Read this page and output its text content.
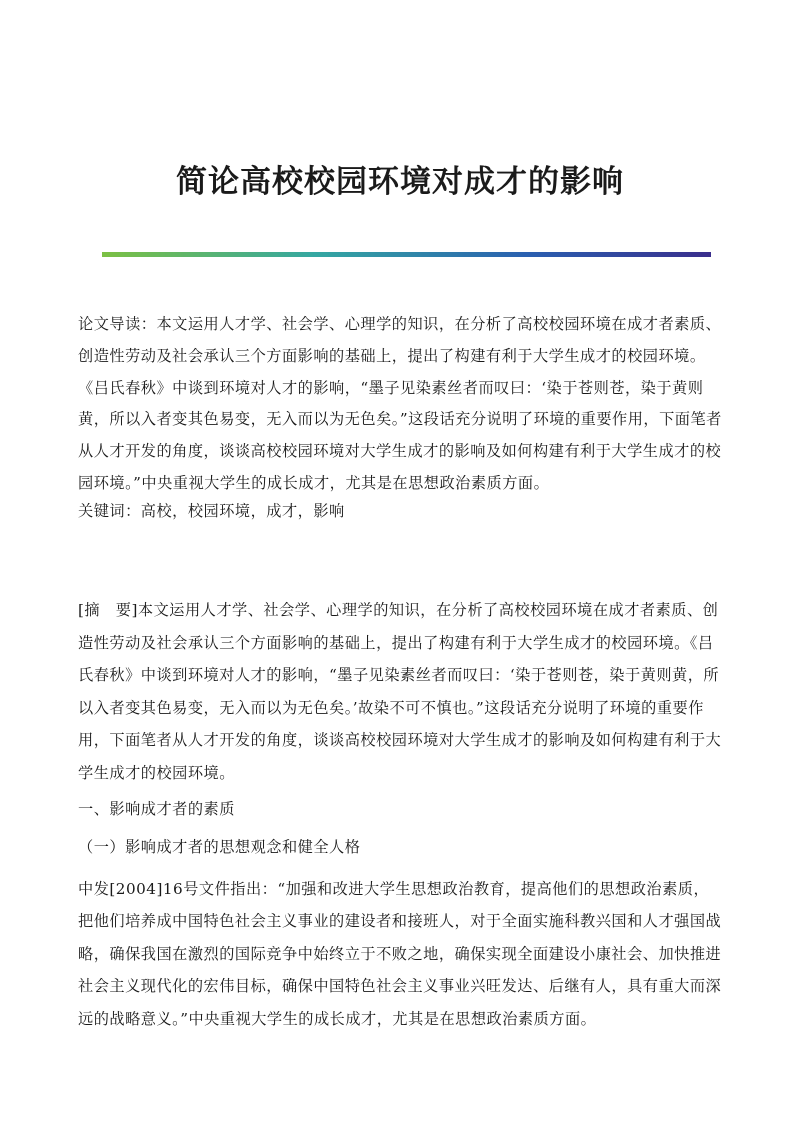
简论高校校园环境对成才的影响

论文导读：本文运用人才学、社会学、心理学的知识，在分析了高校校园环境在成才者素质、创造性劳动及社会承认三个方面影响的基础上，提出了构建有利于大学生成才的校园环境。《吕氏春秋》中谈到环境对人才的影响，“墨子见染素丝者而叹曰：‘染于苍则苍，染于黄则黄，所以入者变其色易变，无入而以为无色矣。”这段话充分说明了环境的重要作用，下面笔者从人才开发的角度，谈谈高校校园环境对大学生成才的影响及如何构建有利于大学生成才的校园环境。”中央重视大学生的成长成才，尤其是在思想政治素质方面。

关键词：高校，校园环境，成才，影响

[摘　要]本文运用人才学、社会学、心理学的知识，在分析了高校校园环境在成才者素质、创造性劳动及社会承认三个方面影响的基础上，提出了构建有利于大学生成才的校园环境。《吕氏春秋》中谈到环境对人才的影响，“墨子见染素丝者而叹曰：‘染于苍则苍，染于黄则黄，所以入者变其色易变，无入而以为无色矣。’故染不可不慎也。”这段话充分说明了环境的重要作用，下面笔者从人才开发的角度，谈谈高校校园环境对大学生成才的影响及如何构建有利于大学生成才的校园环境。

一、影响成才者的素质

（一）影响成才者的思想观念和健全人格

中发[2004]16号文件指出：“加强和改进大学生思想政治教育，提高他们的思想政治素质，把他们培养成中国特色社会主义事业的建设者和接班人，对于全面实施科教兴国和人才强国战略，确保我国在激烈的国际竞争中始终立于不败之地，确保实现全面建设小康社会、加快推进社会主义现代化的宏伟目标，确保中国特色社会主义事业兴旺发达、后继有人，具有重大而深远的战略意义。”中央重视大学生的成长成才，尤其是在思想政治素质方面。
